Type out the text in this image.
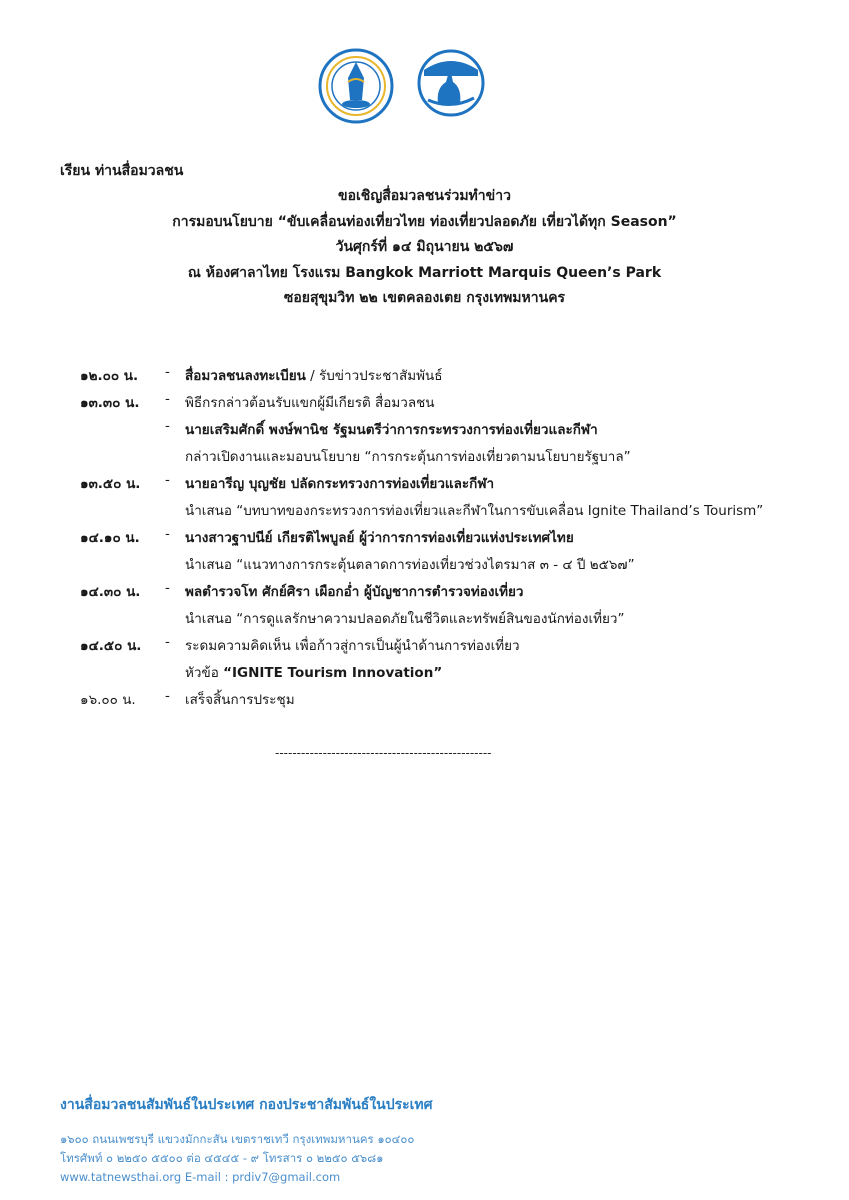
เรียน ท่านสื่อมวลชน
ขอเชิญสื่อมวลชนร่วมทำข่าว
การมอบนโยบาย “ขับเคลื่อนท่องเที่ยวไทย ท่องเที่ยวปลอดภัย เที่ยวได้ทุก Season”
วันศุกร์ที่ ๑๔ มิถุนายน ๒๕๖๗
ณ ห้องศาลาไทย โรงแรม Bangkok Marriott Marquis Queen’s Park
ซอยสุขุมวิท ๒๒ เขตคลองเตย กรุงเทพมหานคร
๑๒.๐๐ น.	- สื่อมวลชนลงทะเบียน / รับข่าวประชาสัมพันธ์
๑๓.๓๐ น.	- พิธีกรกล่าวต้อนรับแขกผู้มีเกียรติ สื่อมวลชน
- นายเสริมศักดิ์ พงษ์พานิช รัฐมนตรีว่าการกระทรวงการท่องเที่ยวและกีฬา
กล่าวเปิดงานและมอบนโยบาย “การกระตุ้นการท่องเที่ยวตามนโยบายรัฐบาล”
๑๓.๕๐ น.	- นายอารีญ บุญชัย ปลัดกระทรวงการท่องเที่ยวและกีฬา
นำเสนอ “บทบาทของกระทรวงการท่องเที่ยวและกีฬาในการขับเคลื่อน Ignite Thailand’s Tourism”
๑๔.๑๐ น.	- นางสาวฐาปนีย์ เกียรติไพบูลย์ ผู้ว่าการการท่องเที่ยวแห่งประเทศไทย
นำเสนอ “แนวทางการกระตุ้นตลาดการท่องเที่ยวช่วงไตรมาส ๓ - ๔ ปี ๒๕๖๗”
๑๔.๓๐ น.	- พลตำรวจโท ศักย์ศิรา เผือกอ่ำ ผู้บัญชาการตำรวจท่องเที่ยว
นำเสนอ “การดูแลรักษาความปลอดภัยในชีวิตและทรัพย์สินของนักท่องเที่ยว”
๑๔.๕๐ น.	- ระดมความคิดเห็น เพื่อก้าวสู่การเป็นผู้นำด้านการท่องเที่ยว
หัวข้อ “IGNITE Tourism Innovation”
๑๖.๐๐ น.	- เสร็จสิ้นการประชุม
--------------------------------------------------
งานสื่อมวลชนสัมพันธ์ในประเทศ กองประชาสัมพันธ์ในประเทศ
๑๖๐๐ ถนนเพชรบุรี แขวงมักกะสัน เขตราชเทวี กรุงเทพมหานคร ๑๐๔๐๐
โทรศัพท์ ๐ ๒๒๕๐ ๕๕๐๐ ต่อ ๔๕๔๕ - ๙ โทรสาร ๐ ๒๒๕๐ ๕๖๘๑
www.tatnewsthai.org E-mail : prdiv7@gmail.com
